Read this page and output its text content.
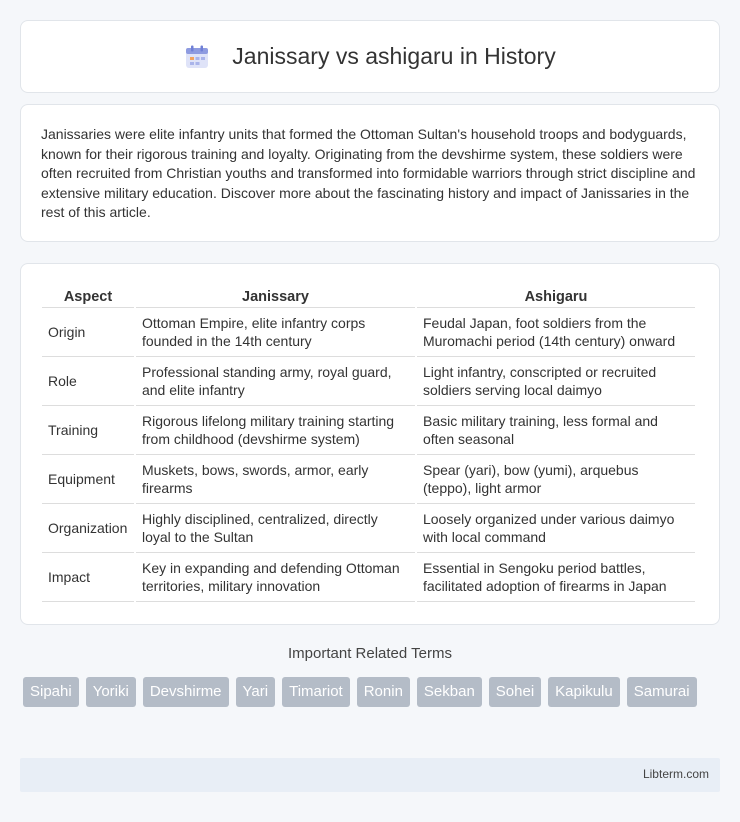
Janissary vs ashigaru in History

Janissaries were elite infantry units that formed the Ottoman Sultan's household troops and bodyguards, known for their rigorous training and loyalty. Originating from the devshirme system, these soldiers were often recruited from Christian youths and transformed into formidable warriors through strict discipline and extensive military education. Discover more about the fascinating history and impact of Janissaries in the rest of this article.

Aspect	Janissary	Ashigaru
Origin	Ottoman Empire, elite infantry corps founded in the 14th century	Feudal Japan, foot soldiers from the Muromachi period (14th century) onward
Role	Professional standing army, royal guard, and elite infantry	Light infantry, conscripted or recruited soldiers serving local daimyo
Training	Rigorous lifelong military training starting from childhood (devshirme system)	Basic military training, less formal and often seasonal
Equipment	Muskets, bows, swords, armor, early firearms	Spear (yari), bow (yumi), arquebus (teppo), light armor
Organization	Highly disciplined, centralized, directly loyal to the Sultan	Loosely organized under various daimyo with local command
Impact	Key in expanding and defending Ottoman territories, military innovation	Essential in Sengoku period battles, facilitated adoption of firearms in Japan
Important Related Terms
Sipahi	Yoriki	Devshirme	Yari	Timariot	Ronin	Sekban	Sohei	Kapikulu	Samurai
Libterm.com
